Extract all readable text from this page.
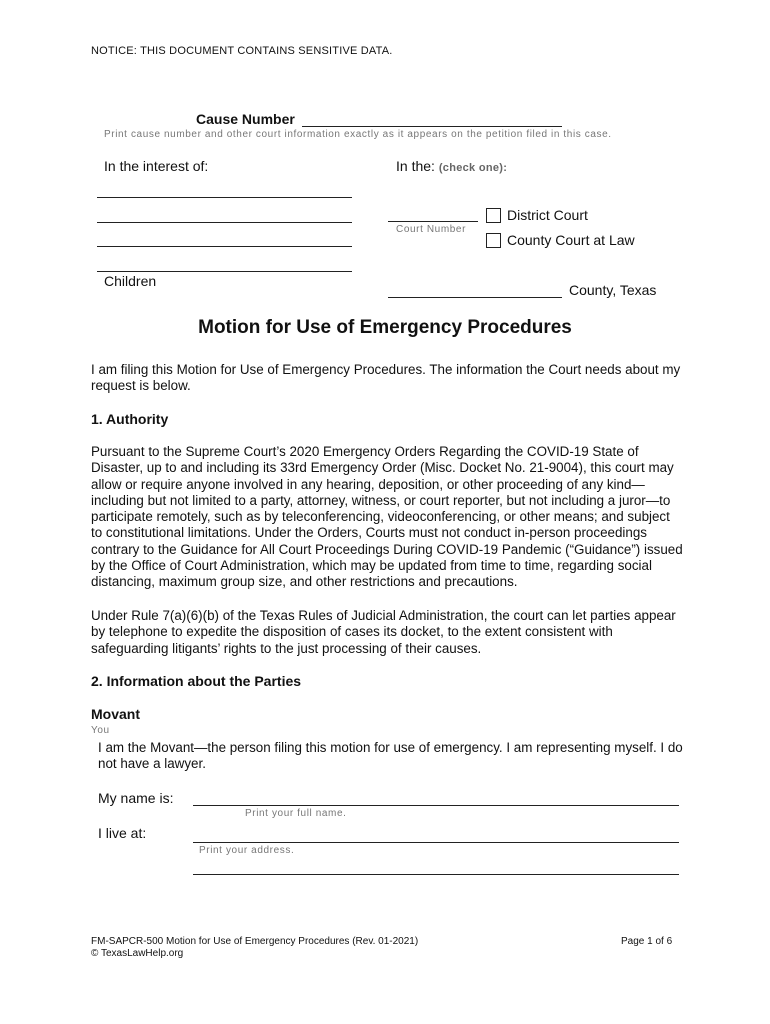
NOTICE: THIS DOCUMENT CONTAINS SENSITIVE DATA.
Cause Number
Print cause number and other court information exactly as it appears on the petition filed in this case.
In the interest of:	In the: (check one):
Children
Court Number
District Court
County Court at Law
County, Texas
Motion for Use of Emergency Procedures
I am filing this Motion for Use of Emergency Procedures. The information the Court needs about my request is below.
1. Authority
Pursuant to the Supreme Court’s 2020 Emergency Orders Regarding the COVID-19 State of Disaster, up to and including its 33rd Emergency Order (Misc. Docket No. 21-9004), this court may allow or require anyone involved in any hearing, deposition, or other proceeding of any kind—including but not limited to a party, attorney, witness, or court reporter, but not including a juror—to participate remotely, such as by teleconferencing, videoconferencing, or other means; and subject to constitutional limitations. Under the Orders, Courts must not conduct in-person proceedings contrary to the Guidance for All Court Proceedings During COVID-19 Pandemic (“Guidance”) issued by the Office of Court Administration, which may be updated from time to time, regarding social distancing, maximum group size, and other restrictions and precautions.
Under Rule 7(a)(6)(b) of the Texas Rules of Judicial Administration, the court can let parties appear by telephone to expedite the disposition of cases its docket, to the extent consistent with safeguarding litigants’ rights to the just processing of their causes.
2. Information about the Parties
Movant
You
I am the Movant—the person filing this motion for use of emergency. I am representing myself. I do not have a lawyer.
My name is:
Print your full name.
I live at:
Print your address.
FM-SAPCR-500 Motion for Use of Emergency Procedures (Rev. 01-2021)
© TexasLawHelp.org
Page 1 of 6
